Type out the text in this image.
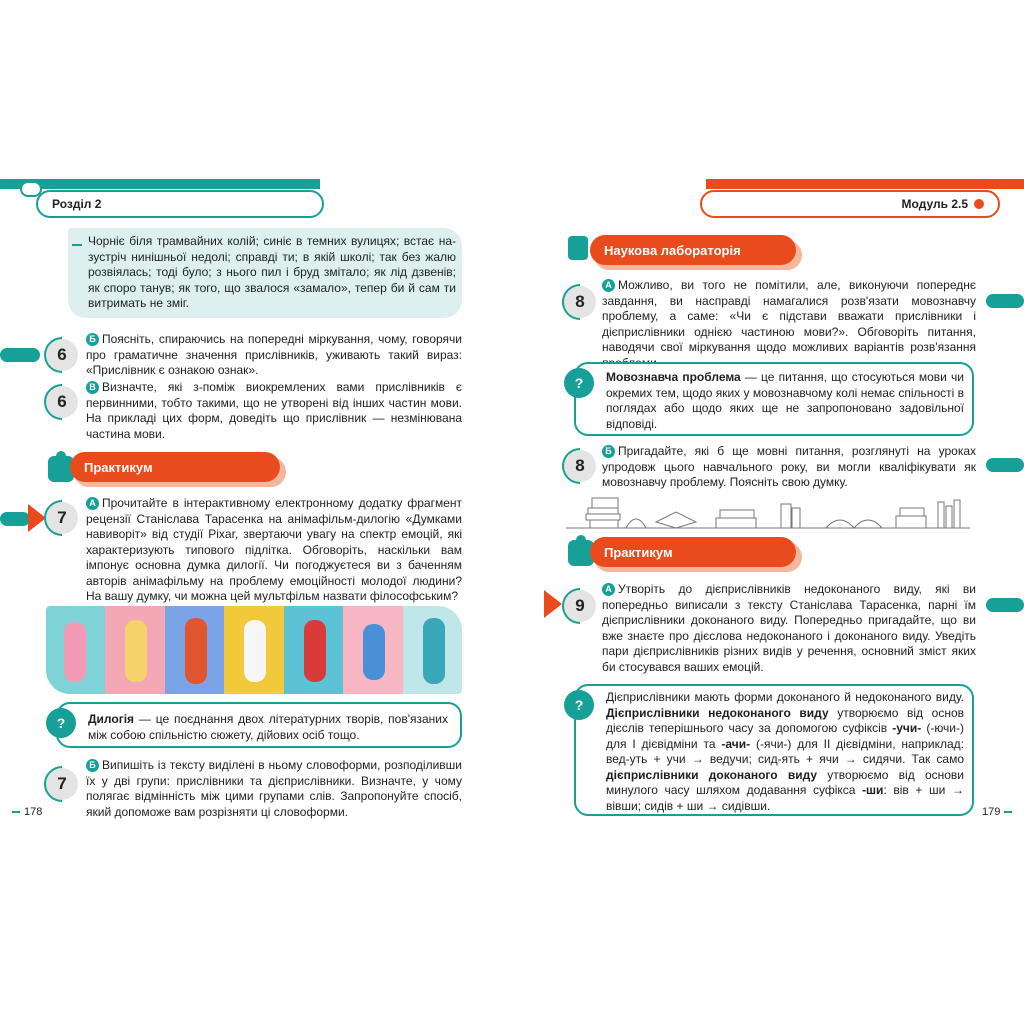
Розділ 2	Модуль 2.5
Чорніє біля трамвайних колій; синіє в темних вулицях; встає на-зустріч нинішньої недолі; справді ти; в якій школі; так без жалю розвіялась; тоді було; з нього пил і бруд змітало; як лід дзвенів; як споро танув; як того, що звалося «замало», тепер би й сам ти витримать не зміг.
6
Б Поясніть, спираючись на попередні міркування, чому, говорячи про граматичне значення прислівників, уживають такий вираз: «Прислівник є ознакою ознак».
6
В Визначте, які з-поміж виокремлених вами прислівників є первинними, тобто такими, що не утворені від інших частин мови. На прикладі цих форм, доведіть що прислівник — незмінювана частина мови.
Практикум
7
А Прочитайте в інтерактивному електронному додатку фрагмент рецензії Станіслава Тарасенка на анімафільм-дилогію «Думками навиворіт» від студії Pixar, звертаючи увагу на спектр емоцій, які характеризують типового підлітка. Обговоріть, наскільки вам імпонує основна думка дилогії. Чи погоджуєтеся ви з баченням авторів анімафільму на проблему емоційності молодої людини? На вашу думку, чи можна цей мультфільм назвати філософським?
?	Дилогія — це поєднання двох літературних творів, пов'язаних між собою спільністю сюжету, дійових осіб тощо.
7
Б Випишіть із тексту виділені в ньому словоформи, розподіливши їх у дві групи: прислівники та дієприслівники. Визначте, у чому полягає відмінність між цими групами слів. Запропонуйте спосіб, який допоможе вам розрізняти ці словоформи.
178
Наукова лабораторія
8
А Можливо, ви того не помітили, але, виконуючи попереднє завдання, ви насправді намагалися розв'язати мовознавчу проблему, а саме: «Чи є підстави вважати прислівники і дієприслівники однією частиною мови?». Обговоріть питання, наводячи свої міркування щодо можливих варіантів розв'язання
?	Мовознавча проблема — це питання, що стосуються мови чи окремих тем, щодо яких у мовознавчому колі немає спільності в поглядах або щодо яких ще не запропоновано задовільної відповіді.
8
Б Пригадайте, які б ще мовні питання, розглянуті на уроках упродовж цього навчального року, ви могли кваліфікувати як мовознавчу проблему. Поясніть свою думку.
Практикум
9
А Утворіть до дієприслівників недоконаного виду, які ви попередньо виписали з тексту Станіслава Тарасенка, парні їм дієприслівники доконаного виду. Попередньо пригадайте, що ви вже знаєте про дієслова недоконаного і доконаного виду. Уведіть пари дієприслівників різних видів у речення, основний зміст яких би стосувався ваших емоцій.
?	Дієприслівники мають форми доконаного й недоконаного виду. Дієприслівники недоконаного виду утворюємо від основ дієслів теперішнього часу за допомогою суфіксів -учи- (-ючи-) для І дієвідміни та -ачи- (-ячи-) для ІІ дієвідміни, наприклад: вед-уть + учи → ведучи; сид-ять + ячи → сидячи. Так само дієприслівники доконаного виду утворюємо від основи минулого часу шляхом додавання суфікса -ши: вів + ши → вівши; сидів + ши → сидівши.	179
